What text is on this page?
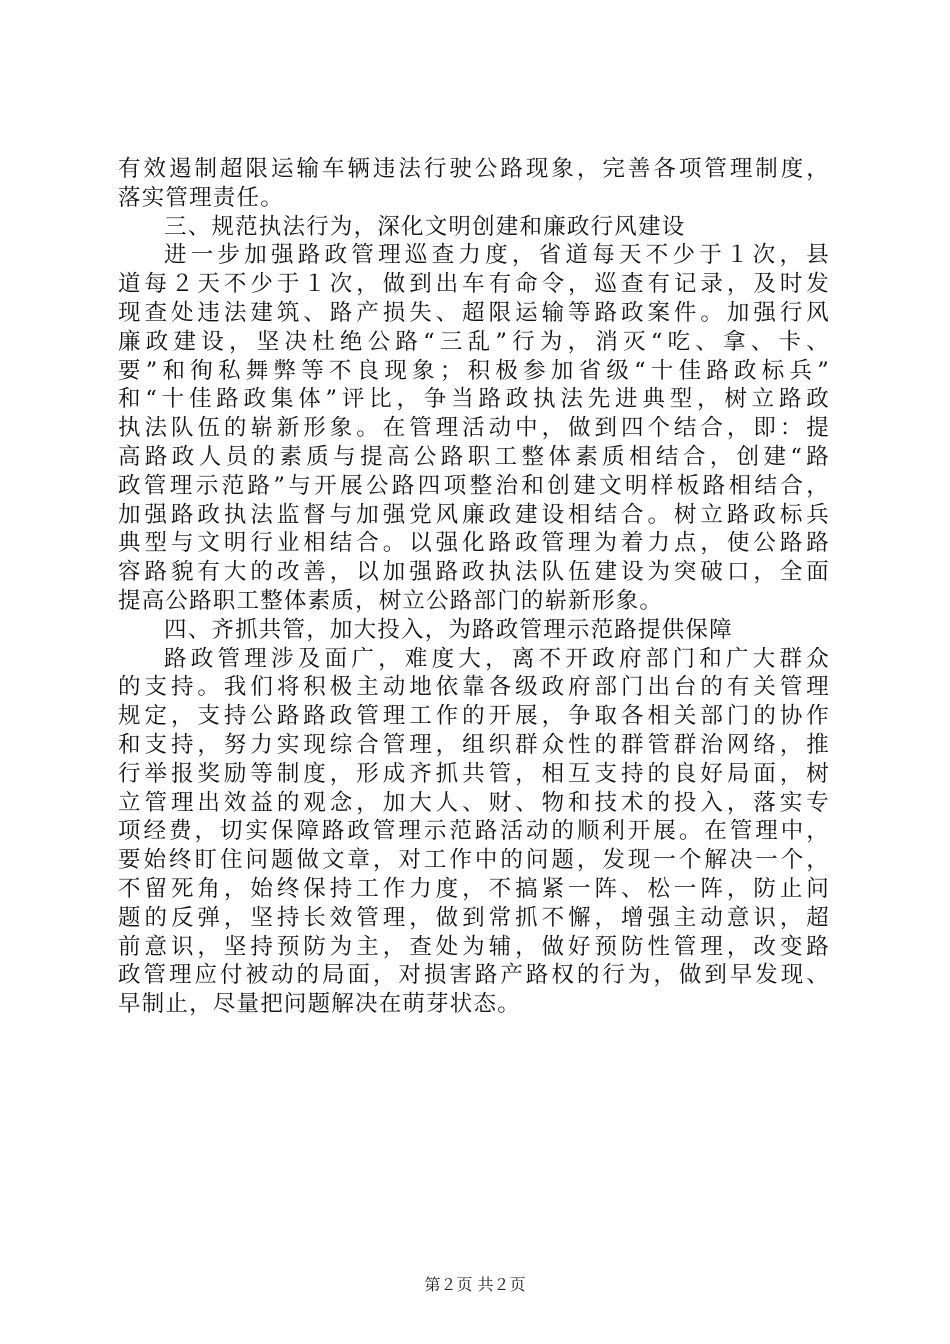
有效遏制超限运输车辆违法行驶公路现象，完善各项管理制度，
落实管理责任。
三、规范执法行为，深化文明创建和廉政行风建设
进一步加强路政管理巡查力度，省道每天不少于１次，县
道每２天不少于１次，做到出车有命令，巡查有记录，及时发
现查处违法建筑、路产损失、超限运输等路政案件。加强行风
廉政建设，坚决杜绝公路“三乱”行为，消灭“吃、拿、卡、
要”和徇私舞弊等不良现象；积极参加省级“十佳路政标兵”
和“十佳路政集体”评比，争当路政执法先进典型，树立路政
执法队伍的崭新形象。在管理活动中，做到四个结合，即：提
高路政人员的素质与提高公路职工整体素质相结合，创建“路
政管理示范路”与开展公路四项整治和创建文明样板路相结合，
加强路政执法监督与加强党风廉政建设相结合。树立路政标兵
典型与文明行业相结合。以强化路政管理为着力点，使公路路
容路貌有大的改善，以加强路政执法队伍建设为突破口，全面
提高公路职工整体素质，树立公路部门的崭新形象。
四、齐抓共管，加大投入，为路政管理示范路提供保障
路政管理涉及面广，难度大，离不开政府部门和广大群众
的支持。我们将积极主动地依靠各级政府部门出台的有关管理
规定，支持公路路政管理工作的开展，争取各相关部门的协作
和支持，努力实现综合管理，组织群众性的群管群治网络，推
行举报奖励等制度，形成齐抓共管，相互支持的良好局面，树
立管理出效益的观念，加大人、财、物和技术的投入，落实专
项经费，切实保障路政管理示范路活动的顺利开展。在管理中，
要始终盯住问题做文章，对工作中的问题，发现一个解决一个，
不留死角，始终保持工作力度，不搞紧一阵、松一阵，防止问
题的反弹，坚持长效管理，做到常抓不懈，增强主动意识，超
前意识，坚持预防为主，查处为辅，做好预防性管理，改变路
政管理应付被动的局面，对损害路产路权的行为，做到早发现、
早制止，尽量把问题解决在萌芽状态。
第２页 共２页
